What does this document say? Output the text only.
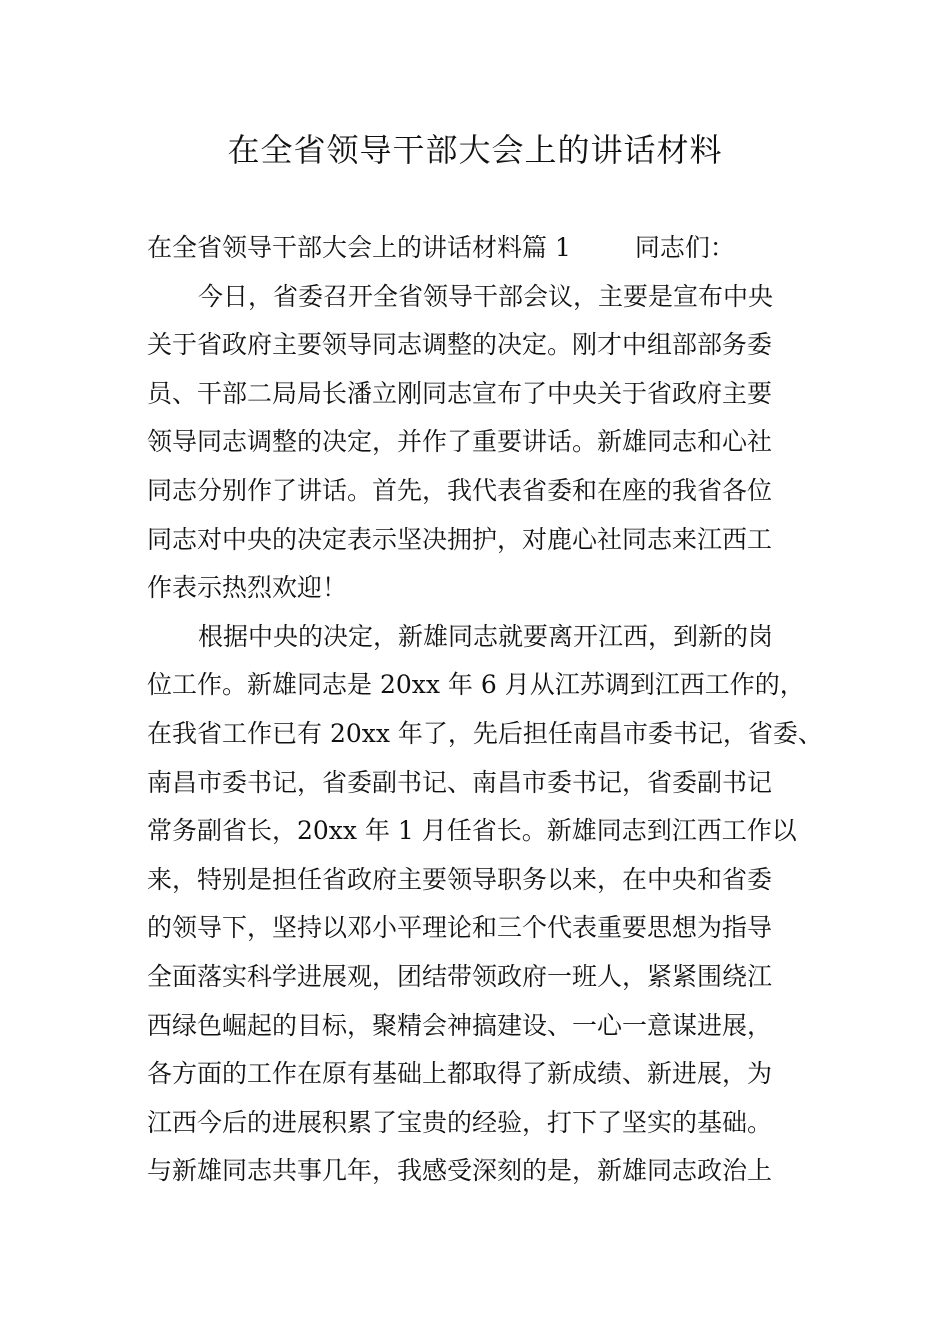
在全省领导干部大会上的讲话材料
在全省领导干部大会上的讲话材料篇 1	同志们：
今日，省委召开全省领导干部会议，主要是宣布中央
关于省政府主要领导同志调整的决定。刚才中组部部务委
员、干部二局局长潘立刚同志宣布了中央关于省政府主要
领导同志调整的决定，并作了重要讲话。新雄同志和心社
同志分别作了讲话。首先，我代表省委和在座的我省各位
同志对中央的决定表示坚决拥护，对鹿心社同志来江西工
作表示热烈欢迎！
根据中央的决定，新雄同志就要离开江西，到新的岗
位工作。新雄同志是 20xx 年 6 月从江苏调到江西工作的，
在我省工作已有 20xx 年了，先后担任南昌市委书记，省委、
南昌市委书记，省委副书记、南昌市委书记，省委副书记
常务副省长，20xx 年 1 月任省长。新雄同志到江西工作以
来，特别是担任省政府主要领导职务以来，在中央和省委
的领导下，坚持以邓小平理论和三个代表重要思想为指导
全面落实科学进展观，团结带领政府一班人，紧紧围绕江
西绿色崛起的目标，聚精会神搞建设、一心一意谋进展，
各方面的工作在原有基础上都取得了新成绩、新进展，为
江西今后的进展积累了宝贵的经验，打下了坚实的基础。
与新雄同志共事几年，我感受深刻的是，新雄同志政治上
